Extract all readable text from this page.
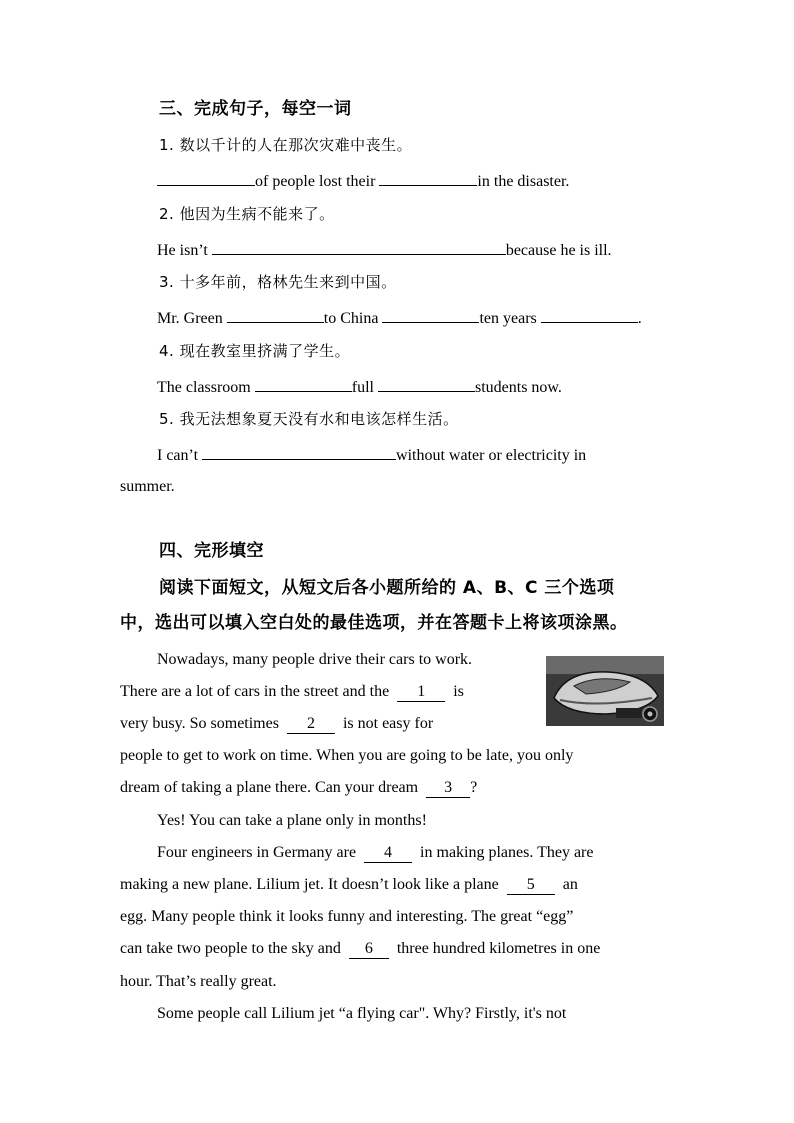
三、完成句子，每空一词
1. 数以千计的人在那次灾难中丧生。
of people lost their	in the disaster.
2. 他因为生病不能来了。
He isn’t	because he is ill.
3. 十多年前，格林先生来到中国。
Mr. Green	to China	ten years	.
4. 现在教室里挤满了学生。
The classroom	full	students now.
5. 我无法想象夏天没有水和电该怎样生活。
I can’t	without water or electricity in
summer.
四、完形填空
阅读下面短文，从短文后各小题所给的 A、B、C 三个选项
中，选出可以填入空白处的最佳选项，并在答题卡上将该项涂黑。
Nowadays, many people drive their cars to work.
There are a lot of cars in the street and the 1 is
very busy. So sometimes 2 is not easy for
people to get to work on time. When you are going to be late, you only
dream of taking a plane there. Can your dream 3 ?
Yes! You can take a plane only in months!
Four engineers in Germany are 4 in making planes. They are
making a new plane. Lilium jet. It doesn’t look like a plane 5 an
egg. Many people think it looks funny and interesting. The great “egg”
can take two people to the sky and 6 three hundred kilometres in one
hour. That’s really great.
Some people call Lilium jet “a flying car". Why? Firstly, it's not
